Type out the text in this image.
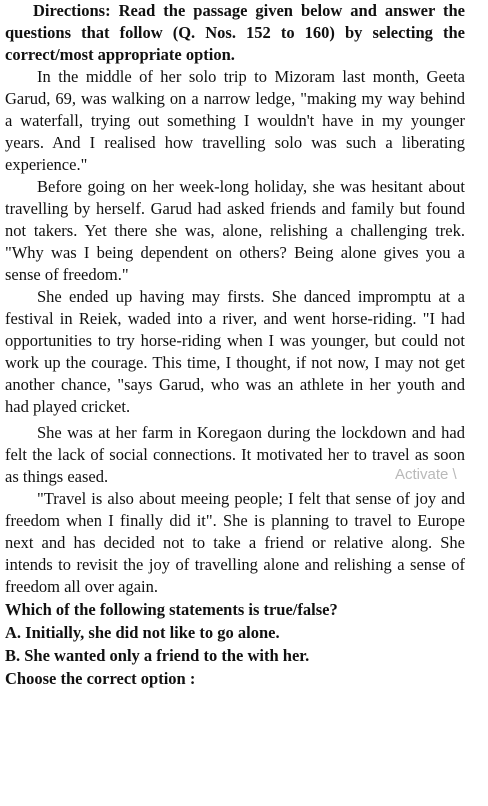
Directions: Read the passage given below and answer the questions that follow (Q. Nos. 152 to 160) by selecting the correct/most appropriate option.

In the middle of her solo trip to Mizoram last month, Geeta Garud, 69, was walking on a narrow ledge, "making my way behind a waterfall, trying out something I wouldn't have in my younger years. And I realised how travelling solo was such a liberating experience."

Before going on her week-long holiday, she was hesitant about travelling by herself. Garud had asked friends and family but found not takers. Yet there she was, alone, relishing a challenging trek. "Why was I being dependent on others? Being alone gives you a sense of freedom."

She ended up having may firsts. She danced impromptu at a festival in Reiek, waded into a river, and went horse-riding. "I had opportunities to try horse-riding when I was younger, but could not work up the courage. This time, I thought, if not now, I may not get another chance, "says Garud, who was an athlete in her youth and had played cricket.

She was at her farm in Koregaon during the lockdown and had felt the lack of social connections. It motivated her to travel as soon as things eased.

"Travel is also about meeing people; I felt that sense of joy and freedom when I finally did it". She is planning to travel to Europe next and has decided not to take a friend or relative along. She intends to revisit the joy of travelling alone and relishing a sense of freedom all over again.

Which of the following statements is true/false?

A. Initially, she did not like to go alone.

B. She wanted only a friend to the with her.

Choose the correct option :

Activate \
